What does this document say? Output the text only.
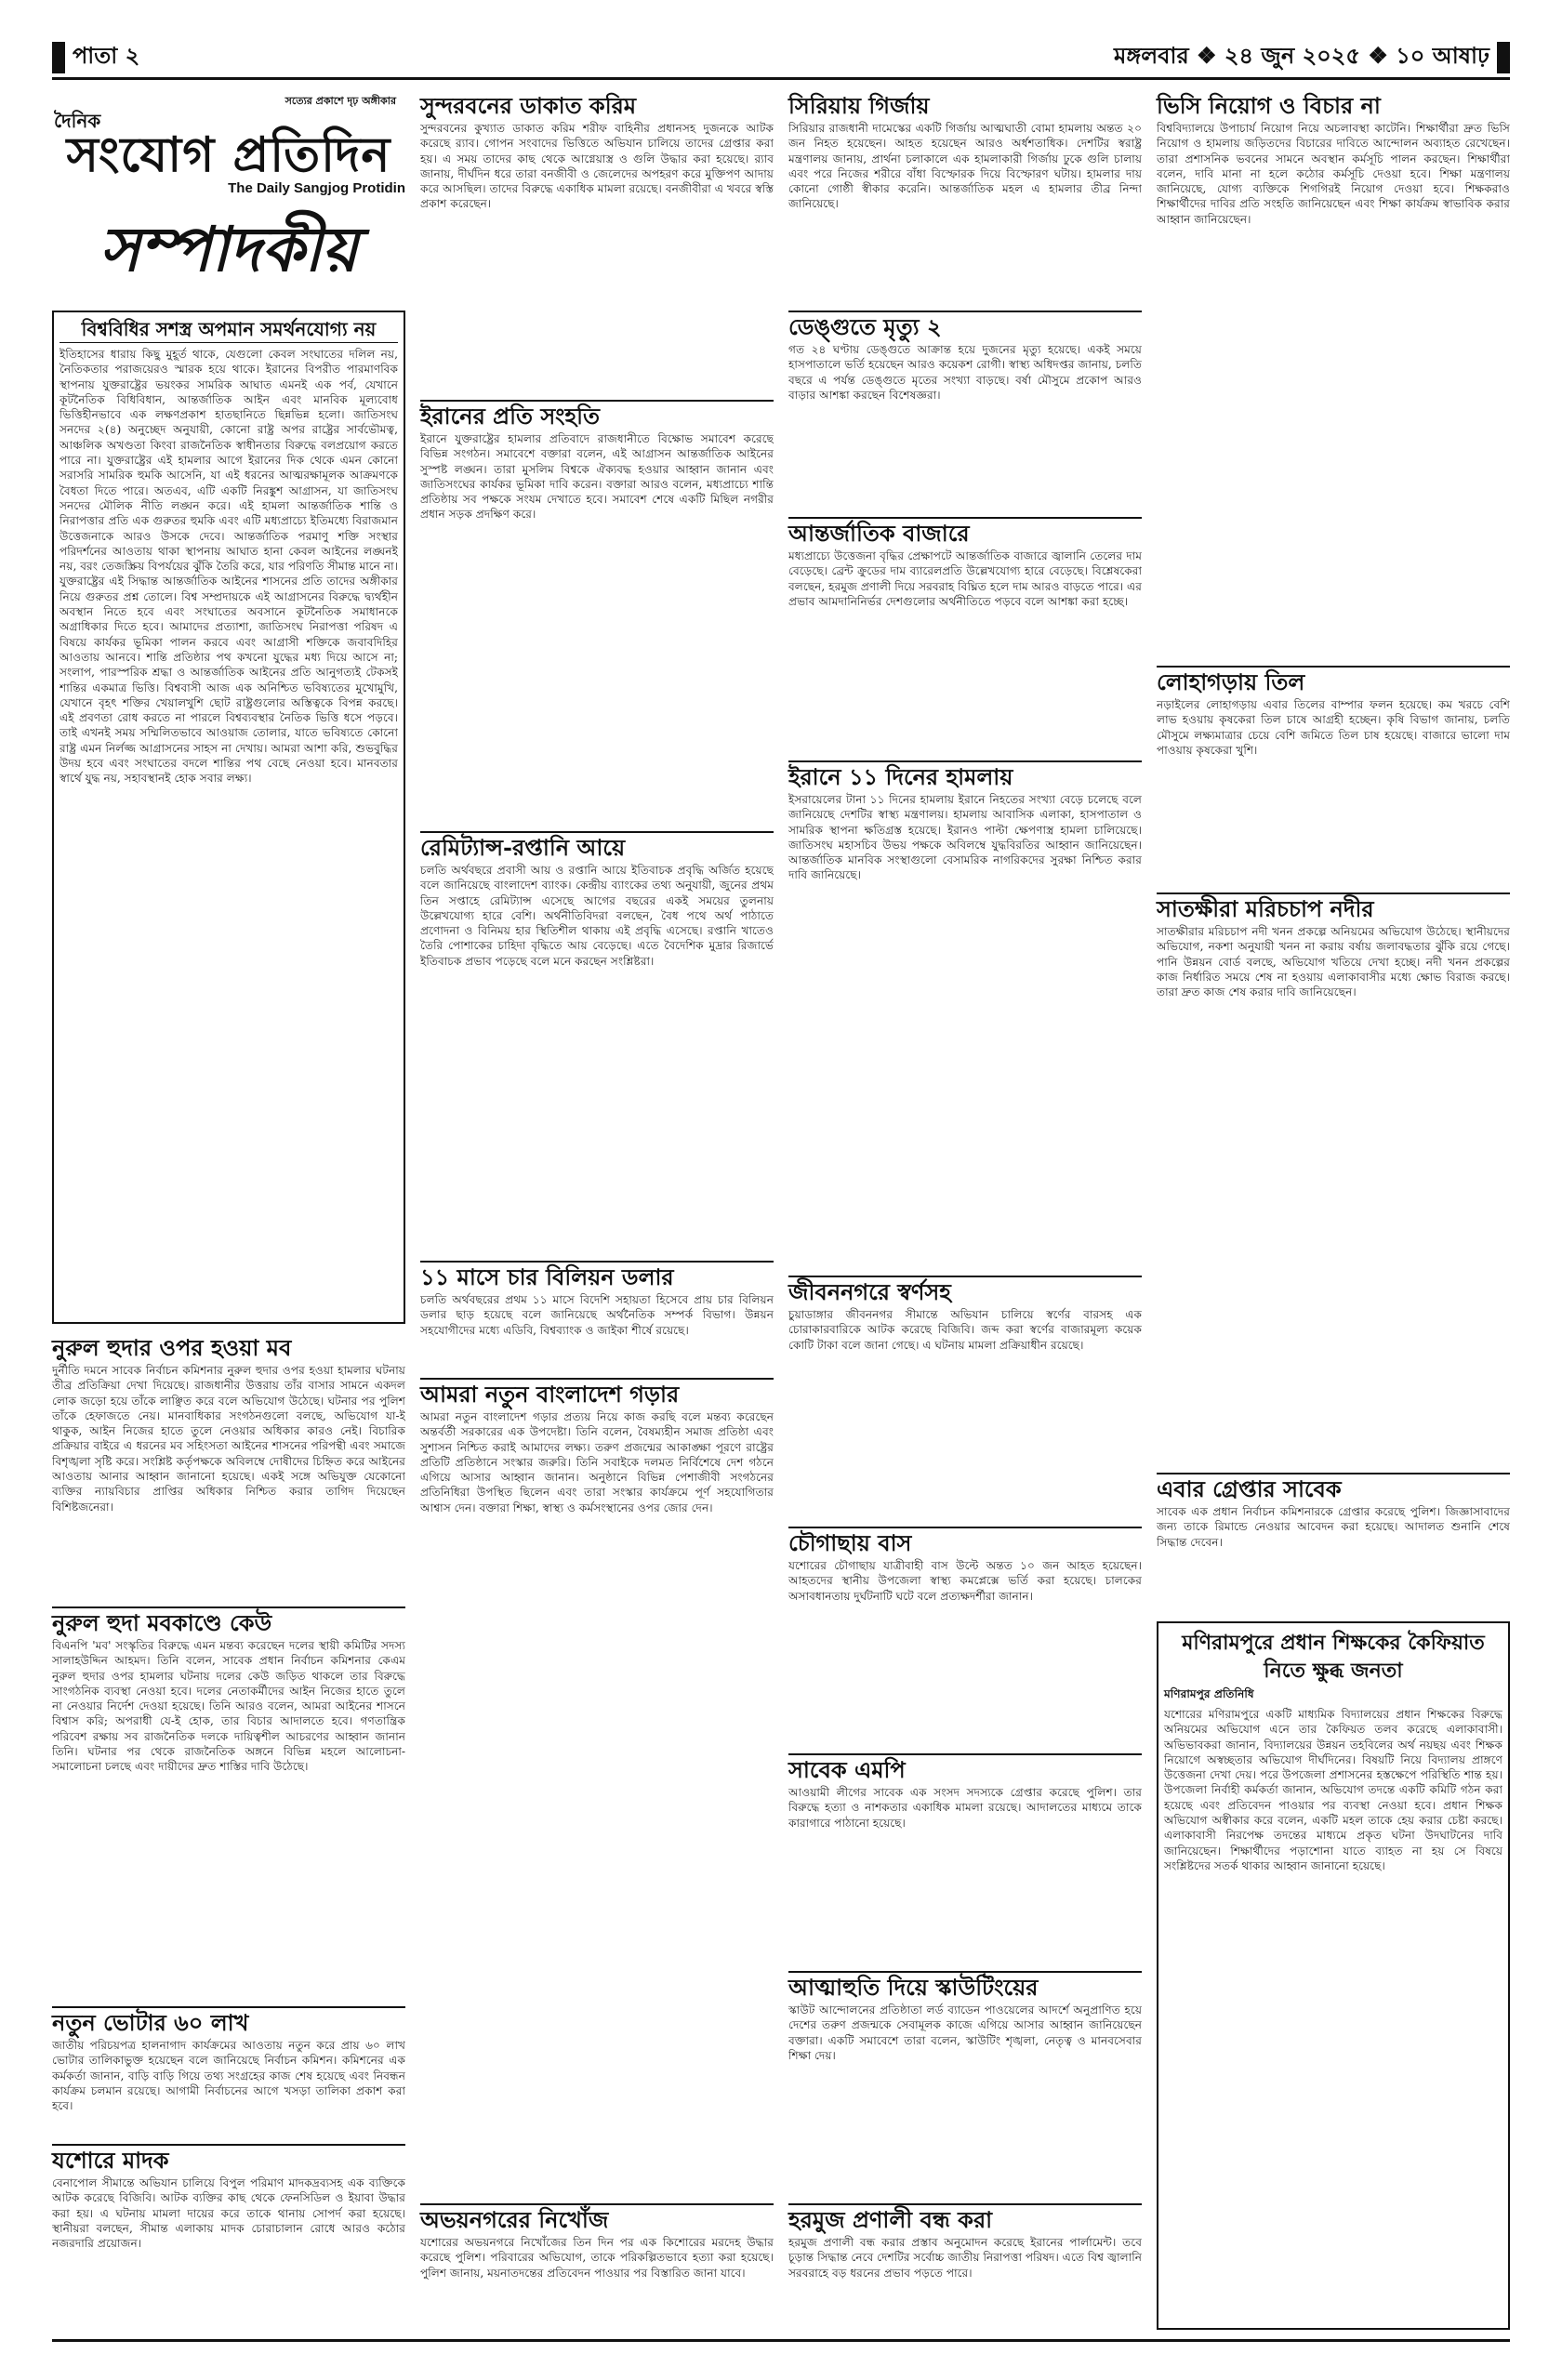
পাতা ২	মঙ্গলবার ❖ ২৪ জুন ২০২৫ ❖ ১০ আষাঢ়
সত্যের প্রকাশে দৃঢ় অঙ্গীকার
দৈনিক
সংযোগ প্রতিদিন
The Daily Sangjog Protidin
সম্পাদকীয়
বিশ্ববিধির সশস্ত্র অপমান সমর্থনযোগ্য নয়
ইতিহাসের ধারায় কিছু মুহূর্ত থাকে, যেগুলো কেবল সংঘাতের দলিল নয়, নৈতিকতার পরাজয়েরও স্মারক হয়ে থাকে। ইরানের বিপরীত পারমাণবিক স্থাপনায় যুক্তরাষ্ট্রের ভয়ংকর সামরিক আঘাত এমনই এক পর্ব, যেখানে কূটনৈতিক বিধিবিধান, আন্তর্জাতিক আইন এবং মানবিক মূল্যবোধ ভিত্তিহীনভাবে এক লক্ষণপ্রকাশ হাতছানিতে ছিন্নভিন্ন হলো। জাতিসংঘ সনদের ২(৪) অনুচ্ছেদ অনুযায়ী, কোনো রাষ্ট্র অপর রাষ্ট্রের সার্বভৌমত্ব, আঞ্চলিক অখণ্ডতা কিংবা রাজনৈতিক স্বাধীনতার বিরুদ্ধে বলপ্রয়োগ করতে পারে না। যুক্তরাষ্ট্রের এই হামলার আগে ইরানের দিক থেকে এমন কোনো সরাসরি সামরিক হুমকি আসেনি, যা এই ধরনের আত্মরক্ষামূলক আক্রমণকে বৈধতা দিতে পারে। অতএব, এটি একটি নিরঙ্কুশ আগ্রাসন, যা জাতিসংঘ সনদের মৌলিক নীতি লঙ্ঘন করে। এই হামলা আন্তর্জাতিক শান্তি ও নিরাপত্তার প্রতি এক গুরুতর হুমকি এবং এটি মধ্যপ্রাচ্যে ইতিমধ্যে বিরাজমান উত্তেজনাকে আরও উসকে দেবে। আন্তর্জাতিক পরমাণু শক্তি সংস্থার পরিদর্শনের আওতায় থাকা স্থাপনায় আঘাত হানা কেবল আইনের লঙ্ঘনই নয়, বরং তেজস্ক্রিয় বিপর্যয়ের ঝুঁকি তৈরি করে, যার পরিণতি সীমান্ত মানে না। যুক্তরাষ্ট্রের এই সিদ্ধান্ত আন্তর্জাতিক আইনের শাসনের প্রতি তাদের অঙ্গীকার নিয়ে গুরুতর প্রশ্ন তোলে। বিশ্ব সম্প্রদায়কে এই আগ্রাসনের বিরুদ্ধে দ্ব্যর্থহীন অবস্থান নিতে হবে এবং সংঘাতের অবসানে কূটনৈতিক সমাধানকে অগ্রাধিকার দিতে হবে। আমাদের প্রত্যাশা, জাতিসংঘ নিরাপত্তা পরিষদ এ বিষয়ে কার্যকর ভূমিকা পালন করবে এবং আগ্রাসী শক্তিকে জবাবদিহির আওতায় আনবে। শান্তি প্রতিষ্ঠার পথ কখনো যুদ্ধের মধ্য দিয়ে আসে না; সংলাপ, পারস্পরিক শ্রদ্ধা ও আন্তর্জাতিক আইনের প্রতি আনুগত্যই টেকসই শান্তির একমাত্র ভিত্তি। বিশ্ববাসী আজ এক অনিশ্চিত ভবিষ্যতের মুখোমুখি, যেখানে বৃহৎ শক্তির খেয়ালখুশি ছোট রাষ্ট্রগুলোর অস্তিত্বকে বিপন্ন করছে। এই প্রবণতা রোধ করতে না পারলে বিশ্বব্যবস্থার নৈতিক ভিত্তি ধসে পড়বে। তাই এখনই সময় সম্মিলিতভাবে আওয়াজ তোলার, যাতে ভবিষ্যতে কোনো রাষ্ট্র এমন নির্লজ্জ আগ্রাসনের সাহস না দেখায়। আমরা আশা করি, শুভবুদ্ধির উদয় হবে এবং সংঘাতের বদলে শান্তির পথ বেছে নেওয়া হবে। মানবতার স্বার্থে যুদ্ধ নয়, সহাবস্থানই হোক সবার লক্ষ্য।
নুরুল হুদার ওপর হওয়া মব
দুর্নীতি দমনে সাবেক নির্বাচন কমিশনার নুরুল হুদার ওপর হওয়া হামলার ঘটনায় তীব্র প্রতিক্রিয়া দেখা দিয়েছে। রাজধানীর উত্তরায় তাঁর বাসার সামনে একদল লোক জড়ো হয়ে তাঁকে লাঞ্ছিত করে বলে অভিযোগ উঠেছে। ঘটনার পর পুলিশ তাঁকে হেফাজতে নেয়। মানবাধিকার সংগঠনগুলো বলছে, অভিযোগ যা-ই থাকুক, আইন নিজের হাতে তুলে নেওয়ার অধিকার কারও নেই। বিচারিক প্রক্রিয়ার বাইরে এ ধরনের মব সহিংসতা আইনের শাসনের পরিপন্থী এবং সমাজে বিশৃঙ্খলা সৃষ্টি করে। সংশ্লিষ্ট কর্তৃপক্ষকে অবিলম্বে দোষীদের চিহ্নিত করে আইনের আওতায় আনার আহ্বান জানানো হয়েছে। একই সঙ্গে অভিযুক্ত যেকোনো ব্যক্তির ন্যায়বিচার প্রাপ্তির অধিকার নিশ্চিত করার তাগিদ দিয়েছেন বিশিষ্টজনেরা।
নুরুল হুদা মবকাণ্ডে কেউ
বিএনপি 'মব' সংস্কৃতির বিরুদ্ধে এমন মন্তব্য করেছেন দলের স্থায়ী কমিটির সদস্য সালাহউদ্দিন আহমদ। তিনি বলেন, সাবেক প্রধান নির্বাচন কমিশনার কেএম নুরুল হুদার ওপর হামলার ঘটনায় দলের কেউ জড়িত থাকলে তার বিরুদ্ধে সাংগঠনিক ব্যবস্থা নেওয়া হবে। দলের নেতাকর্মীদের আইন নিজের হাতে তুলে না নেওয়ার নির্দেশ দেওয়া হয়েছে। তিনি আরও বলেন, আমরা আইনের শাসনে বিশ্বাস করি; অপরাধী যে-ই হোক, তার বিচার আদালতে হবে। গণতান্ত্রিক পরিবেশ রক্ষায় সব রাজনৈতিক দলকে দায়িত্বশীল আচরণের আহ্বান জানান তিনি। ঘটনার পর থেকে রাজনৈতিক অঙ্গনে বিভিন্ন মহলে আলোচনা-সমালোচনা চলছে এবং দায়ীদের দ্রুত শাস্তির দাবি উঠেছে।
নতুন ভোটার ৬০ লাখ
জাতীয় পরিচয়পত্র হালনাগাদ কার্যক্রমের আওতায় নতুন করে প্রায় ৬০ লাখ ভোটার তালিকাভুক্ত হয়েছেন বলে জানিয়েছে নির্বাচন কমিশন। কমিশনের এক কর্মকর্তা জানান, বাড়ি বাড়ি গিয়ে তথ্য সংগ্রহের কাজ শেষ হয়েছে এবং নিবন্ধন কার্যক্রম চলমান রয়েছে। আগামী নির্বাচনের আগে খসড়া তালিকা প্রকাশ করা হবে।
যশোরে মাদক
বেনাপোল সীমান্তে অভিযান চালিয়ে বিপুল পরিমাণ মাদকদ্রব্যসহ এক ব্যক্তিকে আটক করেছে বিজিবি। আটক ব্যক্তির কাছ থেকে ফেনসিডিল ও ইয়াবা উদ্ধার করা হয়। এ ঘটনায় মামলা দায়ের করে তাকে থানায় সোপর্দ করা হয়েছে। স্থানীয়রা বলছেন, সীমান্ত এলাকায় মাদক চোরাচালান রোধে আরও কঠোর নজরদারি প্রয়োজন।
সুন্দরবনের ডাকাত করিম
সুন্দরবনের কুখ্যাত ডাকাত করিম শরীফ বাহিনীর প্রধানসহ দুজনকে আটক করেছে র‌্যাব। গোপন সংবাদের ভিত্তিতে অভিযান চালিয়ে তাদের গ্রেপ্তার করা হয়। এ সময় তাদের কাছ থেকে আগ্নেয়াস্ত্র ও গুলি উদ্ধার করা হয়েছে। র‌্যাব জানায়, দীর্ঘদিন ধরে তারা বনজীবী ও জেলেদের অপহরণ করে মুক্তিপণ আদায় করে আসছিল। তাদের বিরুদ্ধে একাধিক মামলা রয়েছে। বনজীবীরা এ খবরে স্বস্তি প্রকাশ করেছেন।
ইরানের প্রতি সংহতি
ইরানে যুক্তরাষ্ট্রের হামলার প্রতিবাদে রাজধানীতে বিক্ষোভ সমাবেশ করেছে বিভিন্ন সংগঠন। সমাবেশে বক্তারা বলেন, এই আগ্রাসন আন্তর্জাতিক আইনের সুস্পষ্ট লঙ্ঘন। তারা মুসলিম বিশ্বকে ঐক্যবদ্ধ হওয়ার আহ্বান জানান এবং জাতিসংঘের কার্যকর ভূমিকা দাবি করেন। বক্তারা আরও বলেন, মধ্যপ্রাচ্যে শান্তি প্রতিষ্ঠায় সব পক্ষকে সংযম দেখাতে হবে। সমাবেশ শেষে একটি মিছিল নগরীর প্রধান সড়ক প্রদক্ষিণ করে।
রেমিট্যান্স-রপ্তানি আয়ে
চলতি অর্থবছরে প্রবাসী আয় ও রপ্তানি আয়ে ইতিবাচক প্রবৃদ্ধি অর্জিত হয়েছে বলে জানিয়েছে বাংলাদেশ ব্যাংক। কেন্দ্রীয় ব্যাংকের তথ্য অনুযায়ী, জুনের প্রথম তিন সপ্তাহে রেমিট্যান্স এসেছে আগের বছরের একই সময়ের তুলনায় উল্লেখযোগ্য হারে বেশি। অর্থনীতিবিদরা বলছেন, বৈধ পথে অর্থ পাঠাতে প্রণোদনা ও বিনিময় হার স্থিতিশীল থাকায় এই প্রবৃদ্ধি এসেছে। রপ্তানি খাতেও তৈরি পোশাকের চাহিদা বৃদ্ধিতে আয় বেড়েছে। এতে বৈদেশিক মুদ্রার রিজার্ভে ইতিবাচক প্রভাব পড়েছে বলে মনে করছেন সংশ্লিষ্টরা।
১১ মাসে চার বিলিয়ন ডলার
চলতি অর্থবছরের প্রথম ১১ মাসে বিদেশি সহায়তা হিসেবে প্রায় চার বিলিয়ন ডলার ছাড় হয়েছে বলে জানিয়েছে অর্থনৈতিক সম্পর্ক বিভাগ। উন্নয়ন সহযোগীদের মধ্যে এডিবি, বিশ্বব্যাংক ও জাইকা শীর্ষে রয়েছে।
আমরা নতুন বাংলাদেশ গড়ার
আমরা নতুন বাংলাদেশ গড়ার প্রত্যয় নিয়ে কাজ করছি বলে মন্তব্য করেছেন অন্তর্বর্তী সরকারের এক উপদেষ্টা। তিনি বলেন, বৈষম্যহীন সমাজ প্রতিষ্ঠা এবং সুশাসন নিশ্চিত করাই আমাদের লক্ষ্য। তরুণ প্রজন্মের আকাঙ্ক্ষা পূরণে রাষ্ট্রের প্রতিটি প্রতিষ্ঠানে সংস্কার জরুরি। তিনি সবাইকে দলমত নির্বিশেষে দেশ গঠনে এগিয়ে আসার আহ্বান জানান। অনুষ্ঠানে বিভিন্ন পেশাজীবী সংগঠনের প্রতিনিধিরা উপস্থিত ছিলেন এবং তারা সংস্কার কার্যক্রমে পূর্ণ সহযোগিতার আশ্বাস দেন। বক্তারা শিক্ষা, স্বাস্থ্য ও কর্মসংস্থানের ওপর জোর দেন।
অভয়নগরের নিখোঁজ
যশোরের অভয়নগরে নিখোঁজের তিন দিন পর এক কিশোরের মরদেহ উদ্ধার করেছে পুলিশ। পরিবারের অভিযোগ, তাকে পরিকল্পিতভাবে হত্যা করা হয়েছে। পুলিশ জানায়, ময়নাতদন্তের প্রতিবেদন পাওয়ার পর বিস্তারিত জানা যাবে।
সিরিয়ায় গির্জায়
সিরিয়ার রাজধানী দামেস্কের একটি গির্জায় আত্মঘাতী বোমা হামলায় অন্তত ২০ জন নিহত হয়েছেন। আহত হয়েছেন আরও অর্ধশতাধিক। দেশটির স্বরাষ্ট্র মন্ত্রণালয় জানায়, প্রার্থনা চলাকালে এক হামলাকারী গির্জায় ঢুকে গুলি চালায় এবং পরে নিজের শরীরে বাঁধা বিস্ফোরক দিয়ে বিস্ফোরণ ঘটায়। হামলার দায় কোনো গোষ্ঠী স্বীকার করেনি। আন্তর্জাতিক মহল এ হামলার তীব্র নিন্দা জানিয়েছে।
ডেঙ্গুতে মৃত্যু ২
গত ২৪ ঘণ্টায় ডেঙ্গুতে আক্রান্ত হয়ে দুজনের মৃত্যু হয়েছে। একই সময়ে হাসপাতালে ভর্তি হয়েছেন আরও কয়েকশ রোগী। স্বাস্থ্য অধিদপ্তর জানায়, চলতি বছরে এ পর্যন্ত ডেঙ্গুতে মৃতের সংখ্যা বাড়ছে। বর্ষা মৌসুমে প্রকোপ আরও বাড়ার আশঙ্কা করছেন বিশেষজ্ঞরা।
আন্তর্জাতিক বাজারে
মধ্যপ্রাচ্যে উত্তেজনা বৃদ্ধির প্রেক্ষাপটে আন্তর্জাতিক বাজারে জ্বালানি তেলের দাম বেড়েছে। ব্রেন্ট ক্রুডের দাম ব্যারেলপ্রতি উল্লেখযোগ্য হারে বেড়েছে। বিশ্লেষকেরা বলছেন, হরমুজ প্রণালী দিয়ে সরবরাহ বিঘ্নিত হলে দাম আরও বাড়তে পারে। এর প্রভাব আমদানিনির্ভর দেশগুলোর অর্থনীতিতে পড়বে বলে আশঙ্কা করা হচ্ছে।
ইরানে ১১ দিনের হামলায়
ইসরায়েলের টানা ১১ দিনের হামলায় ইরানে নিহতের সংখ্যা বেড়ে চলেছে বলে জানিয়েছে দেশটির স্বাস্থ্য মন্ত্রণালয়। হামলায় আবাসিক এলাকা, হাসপাতাল ও সামরিক স্থাপনা ক্ষতিগ্রস্ত হয়েছে। ইরানও পাল্টা ক্ষেপণাস্ত্র হামলা চালিয়েছে। জাতিসংঘ মহাসচিব উভয় পক্ষকে অবিলম্বে যুদ্ধবিরতির আহ্বান জানিয়েছেন। আন্তর্জাতিক মানবিক সংস্থাগুলো বেসামরিক নাগরিকদের সুরক্ষা নিশ্চিত করার দাবি জানিয়েছে।
জীবননগরে স্বর্ণসহ
চুয়াডাঙ্গার জীবননগর সীমান্তে অভিযান চালিয়ে স্বর্ণের বারসহ এক চোরাকারবারিকে আটক করেছে বিজিবি। জব্দ করা স্বর্ণের বাজারমূল্য কয়েক কোটি টাকা বলে জানা গেছে। এ ঘটনায় মামলা প্রক্রিয়াধীন রয়েছে।
চৌগাছায় বাস
যশোরের চৌগাছায় যাত্রীবাহী বাস উল্টে অন্তত ১০ জন আহত হয়েছেন। আহতদের স্থানীয় উপজেলা স্বাস্থ্য কমপ্লেক্সে ভর্তি করা হয়েছে। চালকের অসাবধানতায় দুর্ঘটনাটি ঘটে বলে প্রত্যক্ষদর্শীরা জানান।
সাবেক এমপি
আওয়ামী লীগের সাবেক এক সংসদ সদস্যকে গ্রেপ্তার করেছে পুলিশ। তার বিরুদ্ধে হত্যা ও নাশকতার একাধিক মামলা রয়েছে। আদালতের মাধ্যমে তাকে কারাগারে পাঠানো হয়েছে।
আত্মাহুতি দিয়ে স্কাউটিংয়ের
স্কাউট আন্দোলনের প্রতিষ্ঠাতা লর্ড ব্যাডেন পাওয়েলের আদর্শে অনুপ্রাণিত হয়ে দেশের তরুণ প্রজন্মকে সেবামূলক কাজে এগিয়ে আসার আহ্বান জানিয়েছেন বক্তারা। একটি সমাবেশে তারা বলেন, স্কাউটিং শৃঙ্খলা, নেতৃত্ব ও মানবসেবার শিক্ষা দেয়।
হরমুজ প্রণালী বন্ধ করা
হরমুজ প্রণালী বন্ধ করার প্রস্তাব অনুমোদন করেছে ইরানের পার্লামেন্ট। তবে চূড়ান্ত সিদ্ধান্ত নেবে দেশটির সর্বোচ্চ জাতীয় নিরাপত্তা পরিষদ। এতে বিশ্ব জ্বালানি সরবরাহে বড় ধরনের প্রভাব পড়তে পারে।
ভিসি নিয়োগ ও বিচার না
বিশ্ববিদ্যালয়ে উপাচার্য নিয়োগ নিয়ে অচলাবস্থা কাটেনি। শিক্ষার্থীরা দ্রুত ভিসি নিয়োগ ও হামলায় জড়িতদের বিচারের দাবিতে আন্দোলন অব্যাহত রেখেছেন। তারা প্রশাসনিক ভবনের সামনে অবস্থান কর্মসূচি পালন করছেন। শিক্ষার্থীরা বলেন, দাবি মানা না হলে কঠোর কর্মসূচি দেওয়া হবে। শিক্ষা মন্ত্রণালয় জানিয়েছে, যোগ্য ব্যক্তিকে শিগগিরই নিয়োগ দেওয়া হবে। শিক্ষকরাও শিক্ষার্থীদের দাবির প্রতি সংহতি জানিয়েছেন এবং শিক্ষা কার্যক্রম স্বাভাবিক করার আহ্বান জানিয়েছেন।
লোহাগড়ায় তিল
নড়াইলের লোহাগড়ায় এবার তিলের বাম্পার ফলন হয়েছে। কম খরচে বেশি লাভ হওয়ায় কৃষকেরা তিল চাষে আগ্রহী হচ্ছেন। কৃষি বিভাগ জানায়, চলতি মৌসুমে লক্ষ্যমাত্রার চেয়ে বেশি জমিতে তিল চাষ হয়েছে। বাজারে ভালো দাম পাওয়ায় কৃষকেরা খুশি।
সাতক্ষীরা মরিচচাপ নদীর
সাতক্ষীরার মরিচচাপ নদী খনন প্রকল্পে অনিয়মের অভিযোগ উঠেছে। স্থানীয়দের অভিযোগ, নকশা অনুযায়ী খনন না করায় বর্ষায় জলাবদ্ধতার ঝুঁকি রয়ে গেছে। পানি উন্নয়ন বোর্ড বলছে, অভিযোগ খতিয়ে দেখা হচ্ছে। নদী খনন প্রকল্পের কাজ নির্ধারিত সময়ে শেষ না হওয়ায় এলাকাবাসীর মধ্যে ক্ষোভ বিরাজ করছে। তারা দ্রুত কাজ শেষ করার দাবি জানিয়েছেন।
এবার গ্রেপ্তার সাবেক
সাবেক এক প্রধান নির্বাচন কমিশনারকে গ্রেপ্তার করেছে পুলিশ। জিজ্ঞাসাবাদের জন্য তাকে রিমান্ডে নেওয়ার আবেদন করা হয়েছে। আদালত শুনানি শেষে সিদ্ধান্ত দেবেন।
মণিরামপুরে প্রধান শিক্ষকের কৈফিয়াত নিতে ক্ষুব্ধ জনতা
মণিরামপুর প্রতিনিধি
যশোরের মণিরামপুরে একটি মাধ্যমিক বিদ্যালয়ের প্রধান শিক্ষকের বিরুদ্ধে অনিয়মের অভিযোগ এনে তার কৈফিয়ত তলব করেছে এলাকাবাসী। অভিভাবকরা জানান, বিদ্যালয়ের উন্নয়ন তহবিলের অর্থ নয়ছয় এবং শিক্ষক নিয়োগে অস্বচ্ছতার অভিযোগ দীর্ঘদিনের। বিষয়টি নিয়ে বিদ্যালয় প্রাঙ্গণে উত্তেজনা দেখা দেয়। পরে উপজেলা প্রশাসনের হস্তক্ষেপে পরিস্থিতি শান্ত হয়। উপজেলা নির্বাহী কর্মকর্তা জানান, অভিযোগ তদন্তে একটি কমিটি গঠন করা হয়েছে এবং প্রতিবেদন পাওয়ার পর ব্যবস্থা নেওয়া হবে। প্রধান শিক্ষক অভিযোগ অস্বীকার করে বলেন, একটি মহল তাকে হেয় করার চেষ্টা করছে। এলাকাবাসী নিরপেক্ষ তদন্তের মাধ্যমে প্রকৃত ঘটনা উদঘাটনের দাবি জানিয়েছেন। শিক্ষার্থীদের পড়াশোনা যাতে ব্যাহত না হয় সে বিষয়ে সংশ্লিষ্টদের সতর্ক থাকার আহ্বান জানানো হয়েছে।
